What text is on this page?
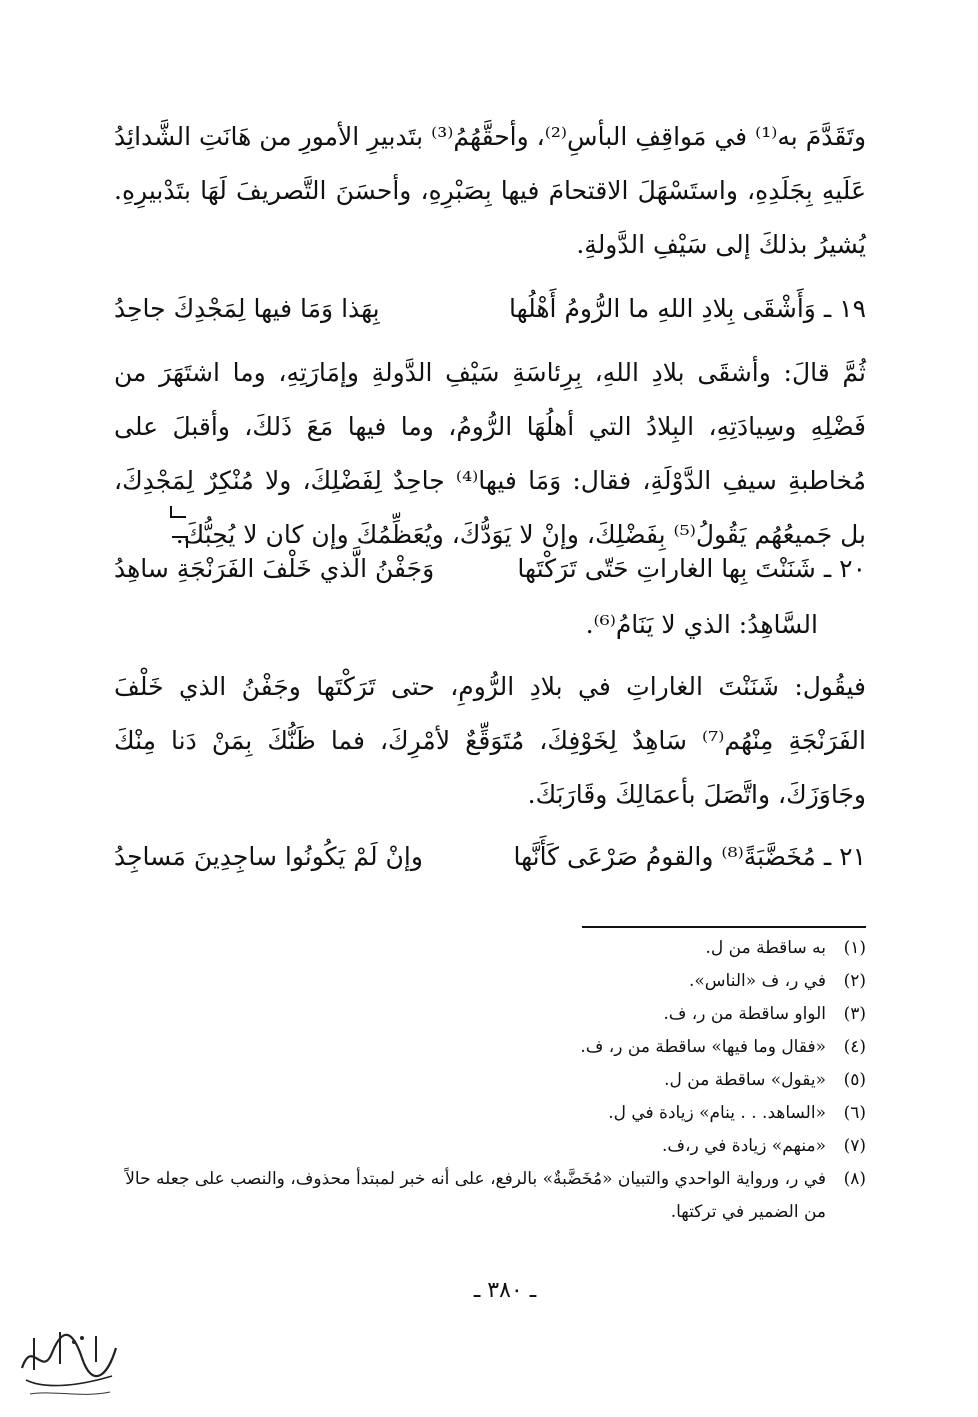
وتَقَدَّمَ به⁽¹⁾ في مَواقِفِ البأسِ⁽²⁾، وأحقَّهُمُ⁽³⁾ بتَدبيرِ الأمورِ من هَانَتِ الشَّدائِدُ عَلَيهِ بِجَلَدِهِ، واستَسْهَلَ الاقتحامَ فيها بِصَبْرِهِ، وأحسَنَ التَّصريفَ لَهَا بتَدْبيرِهِ. يُشيرُ بذلكَ إلى سَيْفِ الدَّولةِ.
١٩ ـ
وَأَشْقَى بِلادِ اللهِ ما الرُّومُ أَهْلُها
بِهَذا وَمَا فيها لِمَجْدِكَ جاحِدُ
ثُمَّ قالَ: وأشقَى بلادِ اللهِ، بِرِئاسَةِ سَيْفِ الدَّولةِ وإمَارَتِهِ، وما اشتَهَرَ من فَضْلِهِ وسِيادَتِهِ، البِلادُ التي أهلُهَا الرُّومُ، وما فيها مَعَ ذَلكَ، وأقبلَ على مُخاطبةِ سيفِ الدَّوْلَةِ، فقال: وَمَا فيها⁽⁴⁾ جاحِدٌ لِفَضْلِكَ، ولا مُنْكِرٌ لِمَجْدِكَ، بل جَميعُهُم يَقُولُ⁽⁵⁾ بِفَضْلِكَ، وإنْ لا يَوَدُّكَ، ويُعَظِّمُكَ وإن كان لا يُحِبُّكَ.
٢٠ ـ
شَنَنْتَ بِها الغاراتِ حَتّى تَرَكْتَها
وَجَفْنُ الَّذي خَلْفَ الفَرَنْجَةِ ساهِدُ
السَّاهِدُ: الذي لا يَنَامُ⁽⁶⁾.
فيقُول: شَنَنْتَ الغاراتِ في بلادِ الرُّومِ، حتى تَرَكْتَها وجَفْنُ الذي خَلْفَ الفَرَنْجَةِ مِنْهُم⁽⁷⁾ سَاهِدٌ لِخَوْفِكَ، مُتَوَقِّعٌ لأمْرِكَ، فما ظَنُّكَ بِمَنْ دَنا مِنْكَ وجَاوَزَكَ، واتَّصَلَ بأعمَالِكَ وقَارَبَكَ.
٢١ ـ
مُخَضَّبَةً⁽⁸⁾ والقومُ صَرْعَى كَأَنَّها
وإنْ لَمْ يَكُونُوا ساجِدِينَ مَساجِدُ
(١)
به ساقطة من ل.
(٢)
في ر، ف «الناس».
(٣)
الواو ساقطة من ر، ف.
(٤)
«فقال وما فيها» ساقطة من ر، ف.
(٥)
«يقول» ساقطة من ل.
(٦)
«الساهد. . . ينام» زيادة في ل.
(٧)
«منهم» زيادة في ر،ف.
(٨)
في ر، ورواية الواحدي والتبيان «مُخَضَّبةٌ» بالرفع، على أنه خبر لمبتدأ محذوف، والنصب على جعله حالاً من الضمير في تركتها.
ـ ٣٨٠ ـ
